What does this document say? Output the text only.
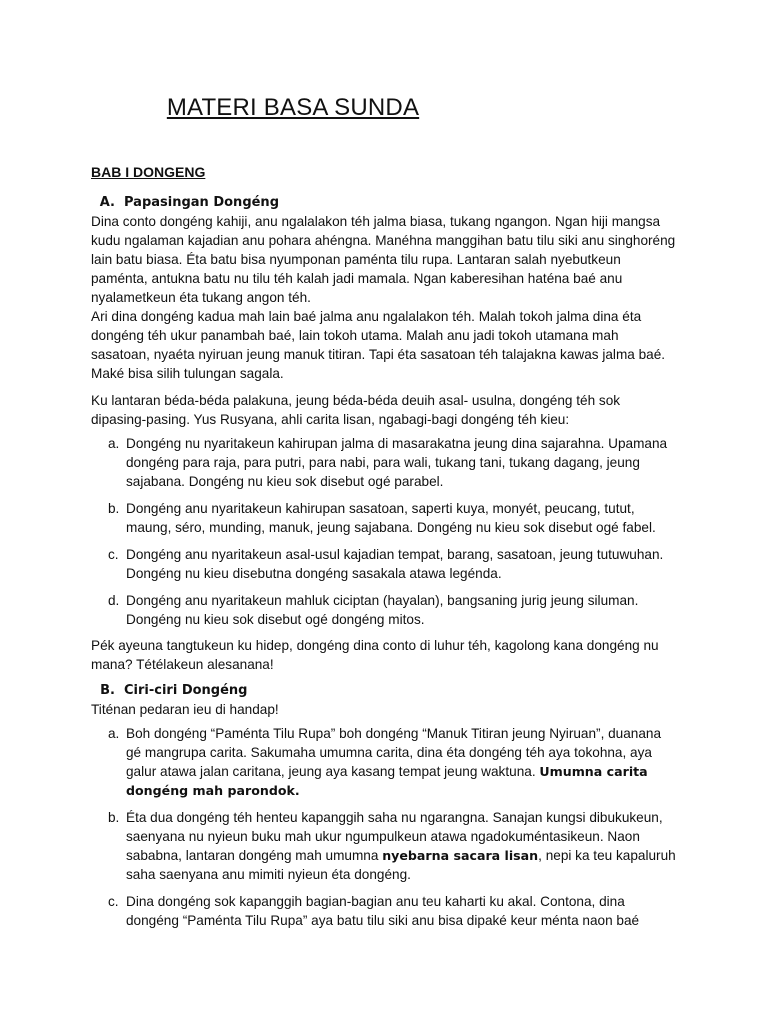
MATERI BASA SUNDA
BAB I DONGENG
A. Papasingan Dongéng

Dina conto dongéng kahiji, anu ngalalakon téh jalma biasa, tukang ngangon. Ngan hiji mangsa kudu ngalaman kajadian anu pohara ahéngna. Manéhna manggihan batu tilu siki anu singhoréng lain batu biasa. Éta batu bisa nyumponan paménta tilu rupa. Lantaran salah nyebutkeun paménta, antukna batu nu tilu téh kalah jadi mamala. Ngan kaberesihan haténa baé anu nyalametkeun éta tukang angon téh.

Ari dina dongéng kadua mah lain baé jalma anu ngalalakon téh. Malah tokoh jalma dina éta dongéng téh ukur panambah baé, lain tokoh utama. Malah anu jadi tokoh utamana mah sasatoan, nyaéta nyiruan jeung manuk titiran. Tapi éta sasatoan téh talajakna kawas jalma baé. Maké bisa silih tulungan sagala.

Ku lantaran béda-béda palakuna, jeung béda-béda deuih asal- usulna, dongéng téh sok dipasing-pasing. Yus Rusyana, ahli carita lisan, ngabagi-bagi dongéng téh kieu:

a. Dongéng nu nyaritakeun kahirupan jalma di masarakatna jeung dina sajarahna. Upamana dongéng para raja, para putri, para nabi, para wali, tukang tani, tukang dagang, jeung sajabana. Dongéng nu kieu sok disebut ogé parabel.
b. Dongéng anu nyaritakeun kahirupan sasatoan, saperti kuya, monyét, peucang, tutut, maung, séro, munding, manuk, jeung sajabana. Dongéng nu kieu sok disebut ogé fabel.
c. Dongéng anu nyaritakeun asal-usul kajadian tempat, barang, sasatoan, jeung tutuwuhan. Dongéng nu kieu disebutna dongéng sasakala atawa legénda.
d. Dongéng anu nyaritakeun mahluk ciciptan (hayalan), bangsaning jurig jeung siluman. Dongéng nu kieu sok disebut ogé dongéng mitos.

Pék ayeuna tangtukeun ku hidep, dongéng dina conto di luhur téh, kagolong kana dongéng nu mana? Tétélakeun alesanana!

B. Ciri-ciri Dongéng

Titénan pedaran ieu di handap!

a. Boh dongéng “Paménta Tilu Rupa” boh dongéng “Manuk Titiran jeung Nyiruan”, duanana gé mangrupa carita. Sakumaha umumna carita, dina éta dongéng téh aya tokohna, aya galur atawa jalan caritana, jeung aya kasang tempat jeung waktuna. Umumna carita dongéng mah parondok.
b. Éta dua dongéng téh henteu kapanggih saha nu ngarangna. Sanajan kungsi dibukukeun, saenyana nu nyieun buku mah ukur ngumpulkeun atawa ngadokuméntasikeun. Naon sababna, lantaran dongéng mah umumna nyebarna sacara lisan, nepi ka teu kapaluruh saha saenyana anu mimiti nyieun éta dongéng.
c. Dina dongéng sok kapanggih bagian-bagian anu teu kaharti ku akal. Contona, dina dongéng “Paménta Tilu Rupa” aya batu tilu siki anu bisa dipaké keur ménta naon baé
